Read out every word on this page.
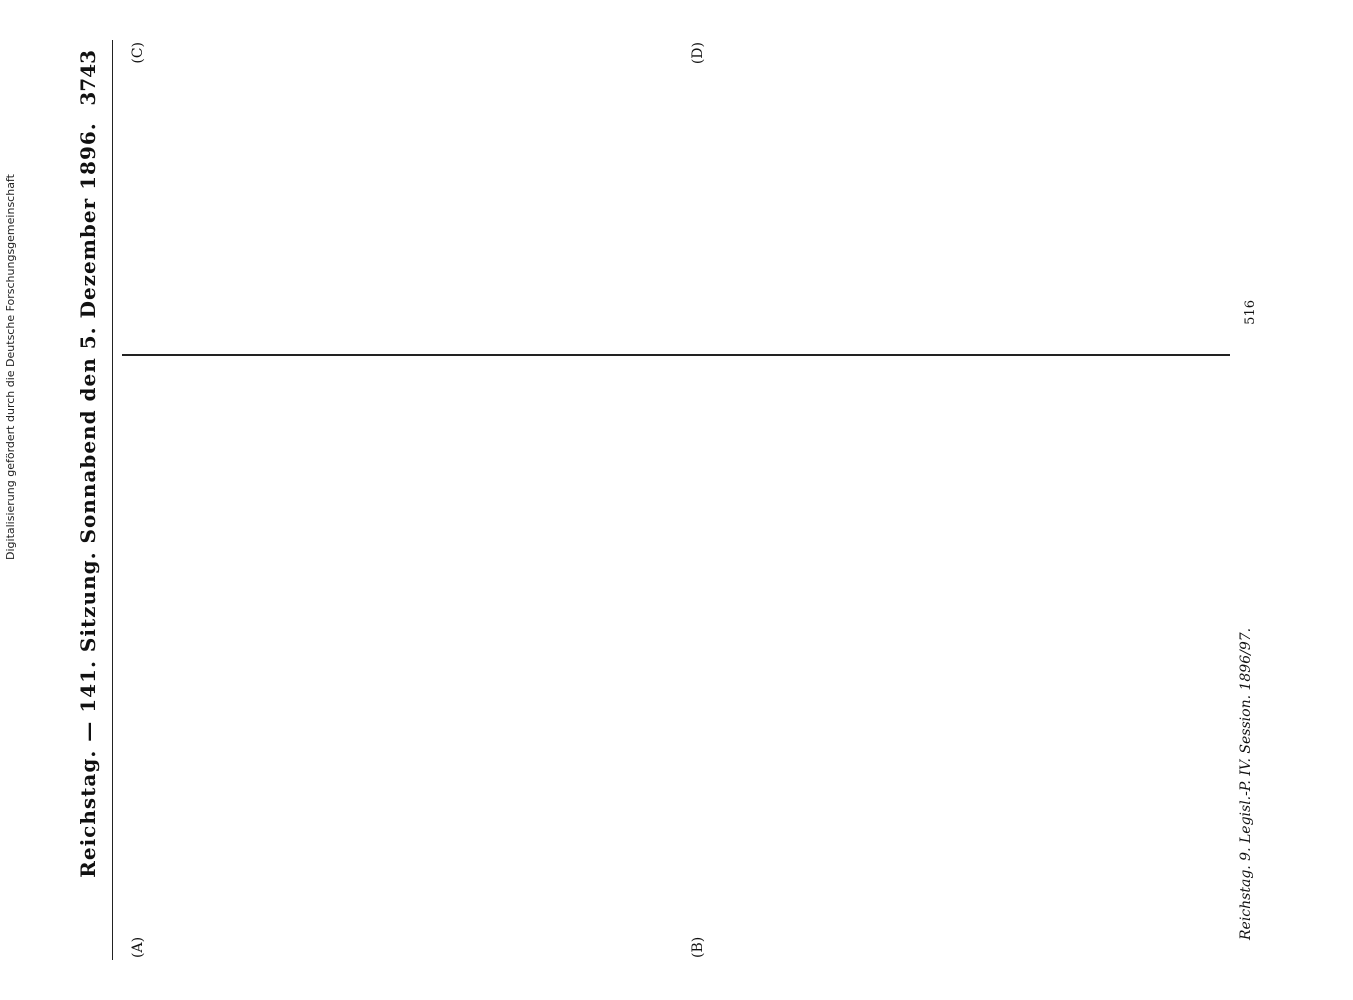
Reichstag. — 141. Sitzung. Sonnabend den 5. Dezember 1896.
3743
(A)	(B)
(C)	(D)
Reichstag. 9. Legisl.-P. IV. Session. 1896/97.
516
Digitalisierung gefördert durch die Deutsche Forschungsgemeinschaft
